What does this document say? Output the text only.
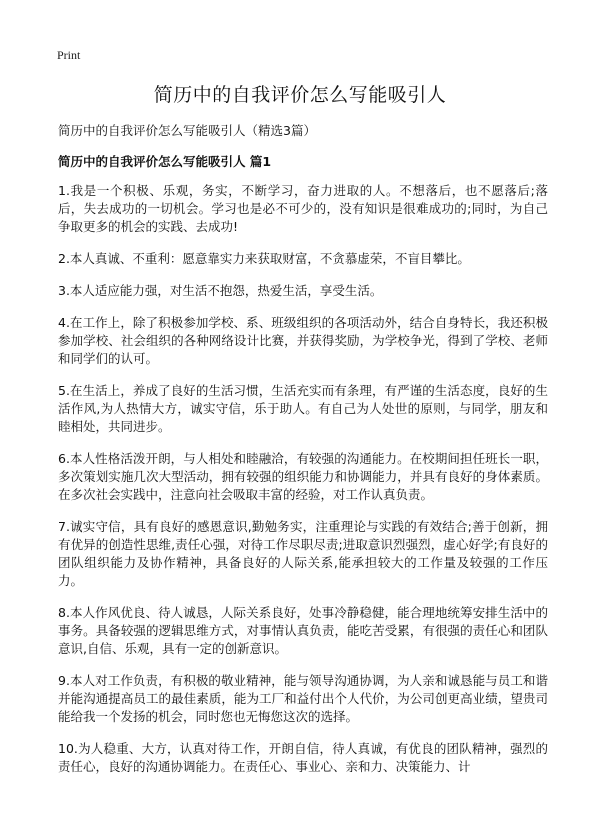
Print
简历中的自我评价怎么写能吸引人

简历中的自我评价怎么写能吸引人（精选3篇）

简历中的自我评价怎么写能吸引人 篇1

1.我是一个积极、乐观，务实，不断学习，奋力进取的人。不想落后，也不愿落后;落后，失去成功的一切机会。学习也是必不可少的，没有知识是很难成功的;同时，为自己争取更多的机会的实践、去成功!

2.本人真诚、不重利：愿意靠实力来获取财富，不贪慕虚荣，不盲目攀比。

3.本人适应能力强，对生活不抱怨，热爱生活，享受生活。

4.在工作上，除了积极参加学校、系、班级组织的各项活动外，结合自身特长，我还积极参加学校、社会组织的各种网络设计比赛，并获得奖励，为学校争光，得到了学校、老师和同学们的认可。

5.在生活上，养成了良好的生活习惯，生活充实而有条理，有严谨的生活态度，良好的生活作风,为人热情大方，诚实守信，乐于助人。有自己为人处世的原则，与同学，朋友和睦相处，共同进步。

6.本人性格活泼开朗，与人相处和睦融洽，有较强的沟通能力。在校期间担任班长一职，多次策划实施几次大型活动，拥有较强的组织能力和协调能力，并具有良好的身体素质。在多次社会实践中，注意向社会吸取丰富的经验，对工作认真负责。

7.诚实守信，具有良好的感恩意识,勤勉务实，注重理论与实践的有效结合;善于创新，拥有优异的创造性思维,责任心强，对待工作尽职尽责;进取意识烈强烈，虚心好学;有良好的团队组织能力及协作精神，具备良好的人际关系,能承担较大的工作量及较强的工作压力。

8.本人作风优良、待人诚恳，人际关系良好，处事冷静稳健，能合理地统筹安排生活中的事务。具备较强的逻辑思维方式，对事情认真负责，能吃苦受累，有很强的责任心和团队意识,自信、乐观，具有一定的创新意识。

9.本人对工作负责，有积极的敬业精神，能与领导沟通协调，为人亲和诚恳能与员工和谐并能沟通提高员工的最佳素质，能为工厂和益付出个人代价，为公司创更高业绩，望贵司能给我一个发扬的机会，同时您也无悔您这次的选择。

10.为人稳重、大方，认真对待工作，开朗自信，待人真诚，有优良的团队精神，强烈的责任心，良好的沟通协调能力。在责任心、事业心、亲和力、决策能力、计
